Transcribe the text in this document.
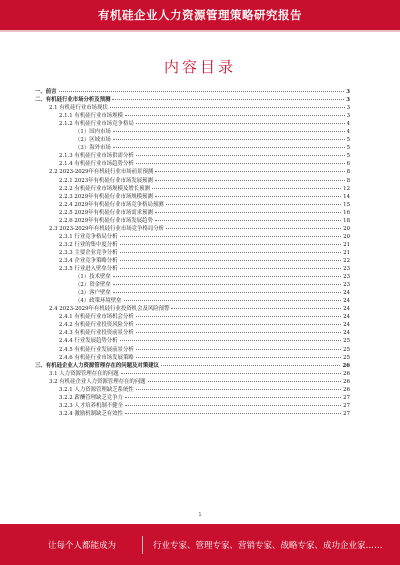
有机硅企业人力资源管理策略研究报告
内容目录
一、前言	3
二、有机硅行业市场分析及预测	3
2.1 有机硅行业市场现状	3
2.1.1 有机硅行业市场规模	3
2.1.2 有机硅行业市场竞争格局	4
（1）国内市场	4
（2）区域市场	5
（3）海外市场	5
2.1.3 有机硅行业市场供需分析	5
2.1.4 有机硅行业市场趋势分析	6
2.2 2023-2029年有机硅行业市场前景预测	8
2.2.1 2023年有机硅行业市场发展预测	8
2.2.2 有机硅行业市场规模及增长预测	12
2.2.3 2029年有机硅行业市场规模预测	14
2.2.4 2029年有机硅行业市场竞争格局预测	15
2.2.5 2029年有机硅行业市场需求预测	16
2.2.6 2029年有机硅行业市场发展趋势	18
2.3 2023-2029年有机硅行业市场竞争格局分析	20
2.3.1 行业竞争格局分析	20
2.3.2 行业的集中度分析	21
2.3.3 主要企业竞争分析	21
2.3.4 企业竞争策略分析	22
2.3.5 行业进入壁垒分析	23
（1）技术壁垒	23
（2）资金壁垒	23
（3）客户壁垒	24
（4）政策环境壁垒	24
2.4 2023-2029年有机硅行业投资机会及风险预警	24
2.4.1 有机硅行业市场机会分析	24
2.4.2 有机硅行业投资风险分析	24
2.4.3 有机硅行业投资前景分析	24
2.4.4 行业发展趋势分析	25
2.4.5 有机硅行业发展前景分析	25
2.4.6 有机硅行业市场发展策略	25
三、有机硅企业人力资源管理存在的问题及对策建议	26
3.1 人力资源管理存在的问题	26
3.2 有机硅企业人力资源管理存在的问题	26
3.2.1 人力资源管理缺乏系统性	26
3.2.2 薪酬管理缺乏竞争力	27
3.2.3 人才培养机制不健全	27
3.2.4 激励机制缺乏有效性	27
1
让每个人都能成为	行业专家、管理专家、营销专家、战略专家、成功企业家……
